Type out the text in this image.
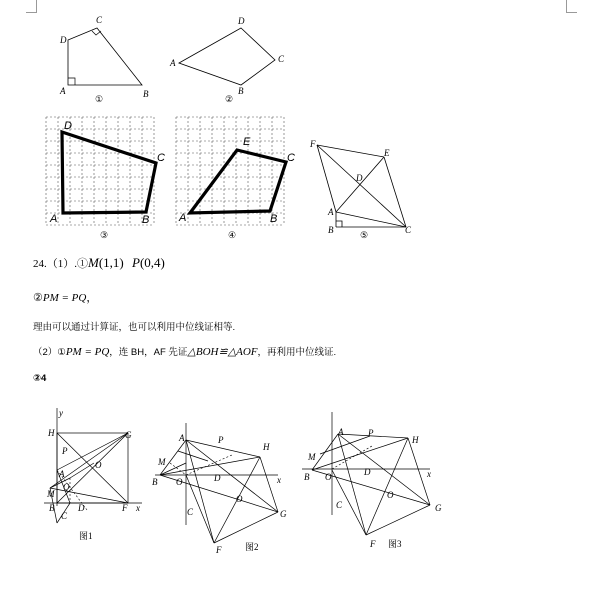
A	B
C
D
①
A
B
C
D
②
D
C
B
A
③
E
C
B
A
④
F
E
D
A
B	C
⑤
24.（1）.①M(1,1) P(0,4)
②PM = PQ，
理由可以通过计算证，也可以利用中位线证相等.
（2）①PM = PQ，连 BH，AF 先证△BOH≌△AOF，再利用中位线证.
②4
y
H	G
P
A
O
M
Q
D	F x
B
C
图1
A	P
H
M
B O	D	x
C
O
G
F	图2
A	P
H
M
B O	D	x
C
O
G
F 图3
